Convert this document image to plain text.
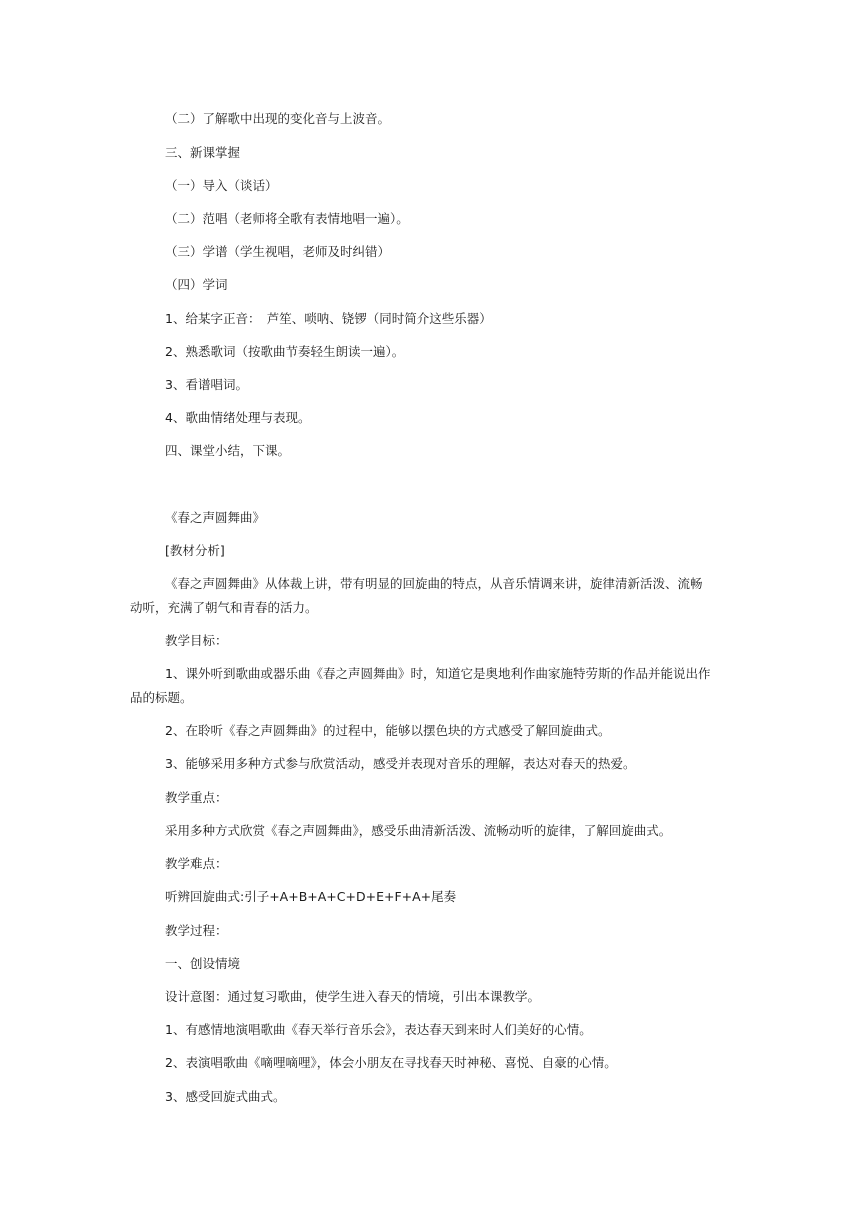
（二）了解歌中出现的变化音与上波音。
三、新课掌握
（一）导入（谈话）
（二）范唱（老师将全歌有表情地唱一遍）。
（三）学谱（学生视唱，老师及时纠错）
（四）学词
1、给某字正音：　芦笙、唢呐、铙锣（同时简介这些乐器）
2、熟悉歌词（按歌曲节奏轻生朗读一遍）。
3、看谱唱词。
4、歌曲情绪处理与表现。
四、课堂小结，下课。
《春之声圆舞曲》
[教材分析]
《春之声圆舞曲》从体裁上讲，带有明显的回旋曲的特点，从音乐情调来讲，旋律清新活泼、流畅
动听，充满了朝气和青春的活力。
教学目标：
1、课外听到歌曲或器乐曲《春之声圆舞曲》时，知道它是奥地利作曲家施特劳斯的作品并能说出作
品的标题。
2、在聆听《春之声圆舞曲》的过程中，能够以摆色块的方式感受了解回旋曲式。
3、能够采用多种方式参与欣赏活动，感受并表现对音乐的理解，表达对春天的热爱。
教学重点：
采用多种方式欣赏《春之声圆舞曲》，感受乐曲清新活泼、流畅动听的旋律，了解回旋曲式。
教学难点：
听辨回旋曲式:引子+A+B+A+C+D+E+F+A+尾奏
教学过程：
一、创设情境
设计意图：通过复习歌曲，使学生进入春天的情境，引出本课教学。
1、有感情地演唱歌曲《春天举行音乐会》，表达春天到来时人们美好的心情。
2、表演唱歌曲《嘀哩嘀哩》，体会小朋友在寻找春天时神秘、喜悦、自豪的心情。
3、感受回旋式曲式。
